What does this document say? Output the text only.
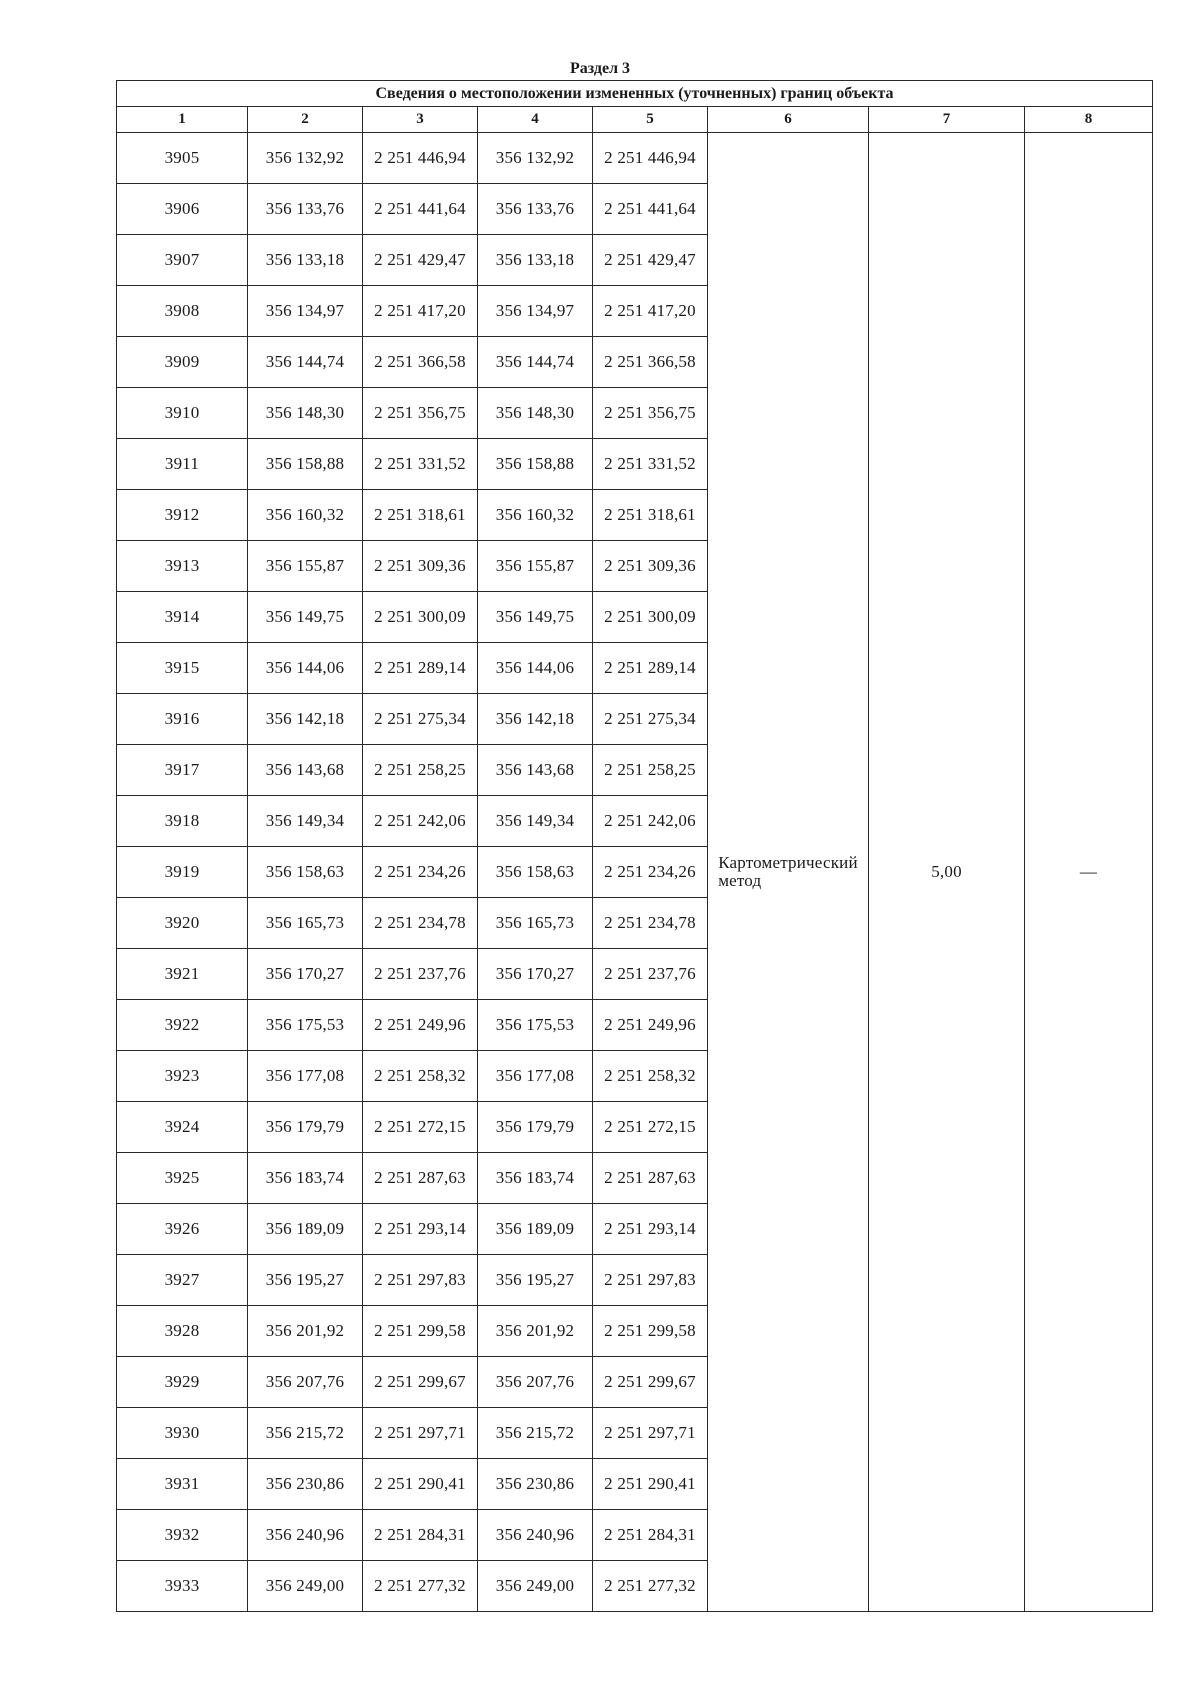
Раздел 3
Сведения о местоположении измененных (уточненных) границ объекта							
1	2	3	4	5	6	7	8
3905	356 132,92	2 251 446,94	356 132,92	2 251 446,94	Картометрический
метод	5,00	—
3906	356 133,76	2 251 441,64	356 133,76	2 251 441,64			
3907	356 133,18	2 251 429,47	356 133,18	2 251 429,47			
3908	356 134,97	2 251 417,20	356 134,97	2 251 417,20			
3909	356 144,74	2 251 366,58	356 144,74	2 251 366,58			
3910	356 148,30	2 251 356,75	356 148,30	2 251 356,75			
3911	356 158,88	2 251 331,52	356 158,88	2 251 331,52			
3912	356 160,32	2 251 318,61	356 160,32	2 251 318,61			
3913	356 155,87	2 251 309,36	356 155,87	2 251 309,36			
3914	356 149,75	2 251 300,09	356 149,75	2 251 300,09			
3915	356 144,06	2 251 289,14	356 144,06	2 251 289,14			
3916	356 142,18	2 251 275,34	356 142,18	2 251 275,34			
3917	356 143,68	2 251 258,25	356 143,68	2 251 258,25			
3918	356 149,34	2 251 242,06	356 149,34	2 251 242,06			
3919	356 158,63	2 251 234,26	356 158,63	2 251 234,26			
3920	356 165,73	2 251 234,78	356 165,73	2 251 234,78			
3921	356 170,27	2 251 237,76	356 170,27	2 251 237,76			
3922	356 175,53	2 251 249,96	356 175,53	2 251 249,96			
3923	356 177,08	2 251 258,32	356 177,08	2 251 258,32			
3924	356 179,79	2 251 272,15	356 179,79	2 251 272,15			
3925	356 183,74	2 251 287,63	356 183,74	2 251 287,63			
3926	356 189,09	2 251 293,14	356 189,09	2 251 293,14			
3927	356 195,27	2 251 297,83	356 195,27	2 251 297,83			
3928	356 201,92	2 251 299,58	356 201,92	2 251 299,58			
3929	356 207,76	2 251 299,67	356 207,76	2 251 299,67			
3930	356 215,72	2 251 297,71	356 215,72	2 251 297,71			
3931	356 230,86	2 251 290,41	356 230,86	2 251 290,41			
3932	356 240,96	2 251 284,31	356 240,96	2 251 284,31			
3933	356 249,00	2 251 277,32	356 249,00	2 251 277,32			
